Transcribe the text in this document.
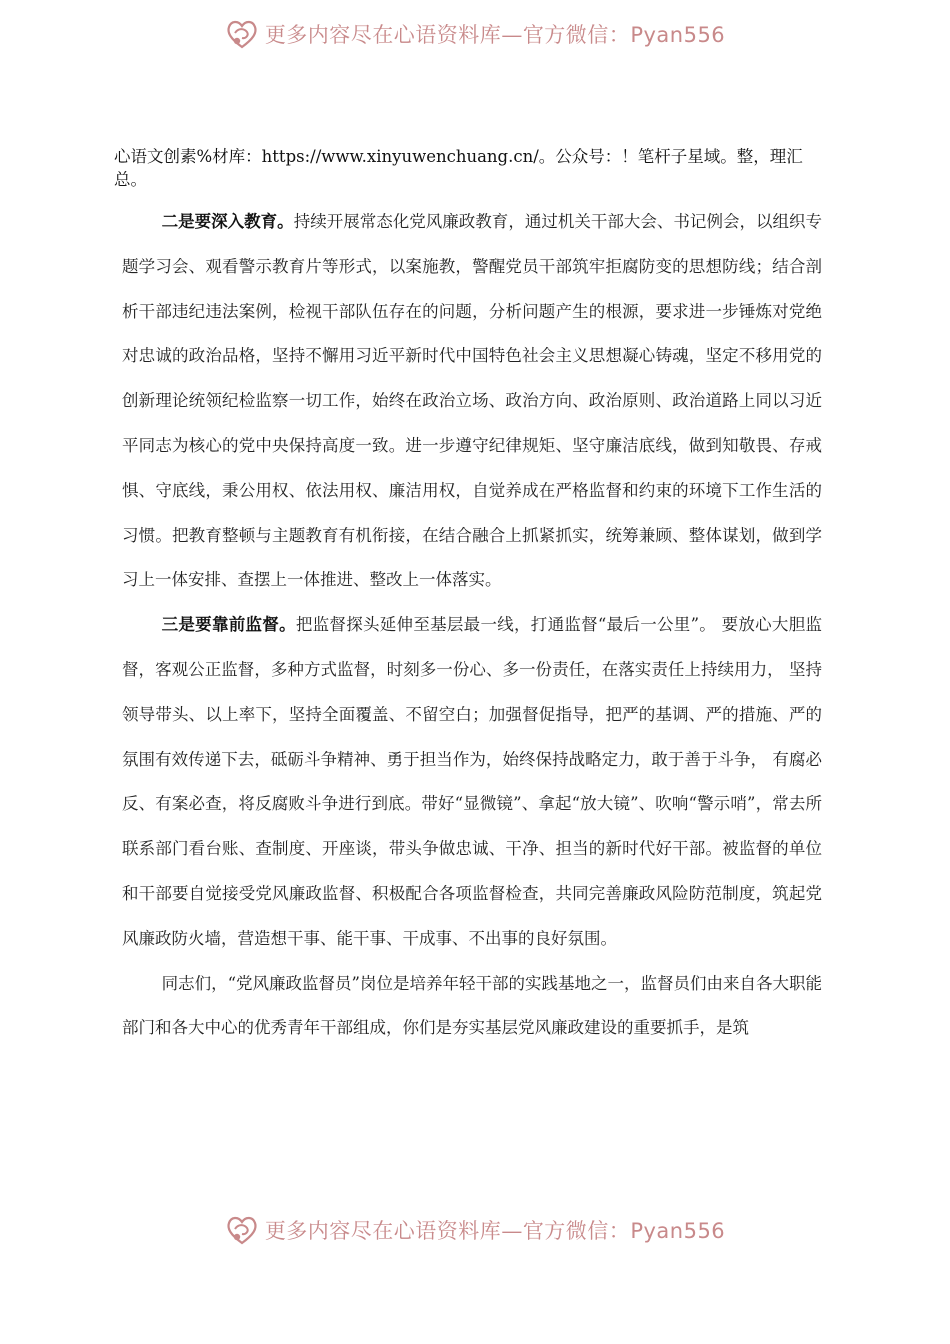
更多内容尽在心语资料库—官方微信：Pyan556
心语文创素%材库：https://www.xinyuwenchuang.cn/。公众号：！笔杆子星域。整，理汇总。

二是要深入教育。持续开展常态化党风廉政教育，通过机关干部大会、书记例会，以组织专题学习会、观看警示教育片等形式，以案施教，警醒党员干部筑牢拒腐防变的思想防线；结合剖析干部违纪违法案例，检视干部队伍存在的问题，分析问题产生的根源，要求进一步锤炼对党绝对忠诚的政治品格，坚持不懈用习近平新时代中国特色社会主义思想凝心铸魂，坚定不移用党的创新理论统领纪检监察一切工作，始终在政治立场、政治方向、政治原则、政治道路上同以习近平同志为核心的党中央保持高度一致。进一步遵守纪律规矩、坚守廉洁底线，做到知敬畏、存戒惧、守底线，秉公用权、依法用权、廉洁用权，自觉养成在严格监督和约束的环境下工作生活的习惯。把教育整顿与主题教育有机衔接，在结合融合上抓紧抓实，统筹兼顾、整体谋划，做到学习上一体安排、查摆上一体推进、整改上一体落实。

三是要靠前监督。把监督探头延伸至基层最一线，打通监督“最后一公里”。 要放心大胆监督，客观公正监督，多种方式监督，时刻多一份心、多一份责任，在落实责任上持续用力， 坚持领导带头、以上率下，坚持全面覆盖、不留空白；加强督促指导，把严的基调、严的措施、严的氛围有效传递下去，砥砺斗争精神、勇于担当作为，始终保持战略定力，敢于善于斗争， 有腐必反、有案必查，将反腐败斗争进行到底。带好“显微镜”、拿起“放大镜”、吹响“警示哨”，常去所联系部门看台账、查制度、开座谈，带头争做忠诚、干净、担当的新时代好干部。被监督的单位和干部要自觉接受党风廉政监督、积极配合各项监督检查，共同完善廉政风险防范制度，筑起党风廉政防火墙，营造想干事、能干事、干成事、不出事的良好氛围。

同志们，“党风廉政监督员”岗位是培养年轻干部的实践基地之一，监督员们由来自各大职能部门和各大中心的优秀青年干部组成，你们是夯实基层党风廉政建设的重要抓手，是筑

更多内容尽在心语资料库—官方微信：Pyan556
